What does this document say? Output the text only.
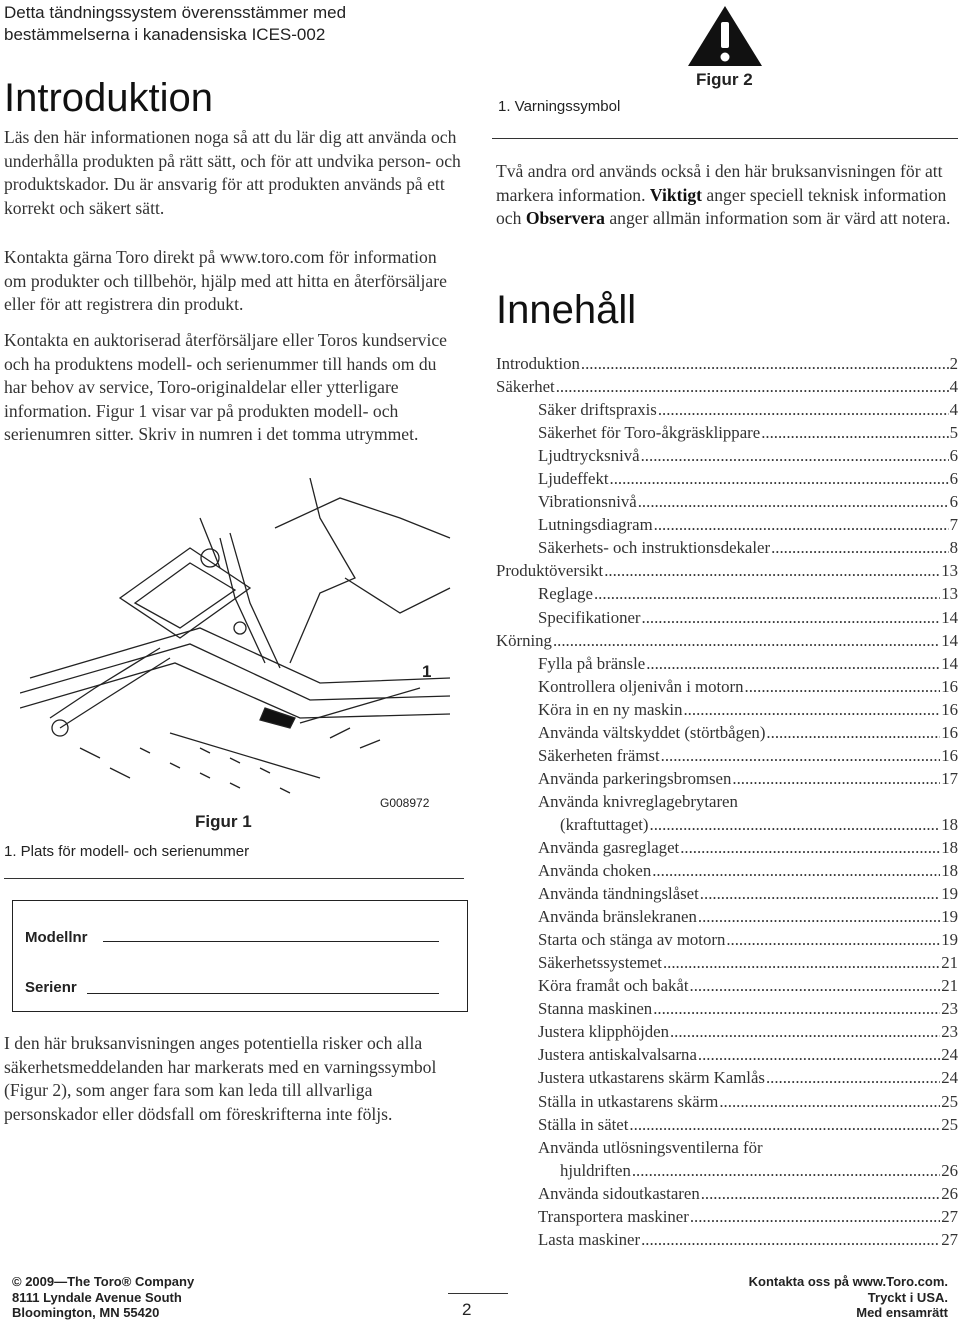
Detta tändningssystem överensstämmer med bestämmelserna i kanadensiska ICES-002
Introduktion
Läs den här informationen noga så att du lär dig att använda och underhålla produkten på rätt sätt, och för att undvika person- och produktskador. Du är ansvarig för att produkten används på ett korrekt och säkert sätt.
Kontakta gärna Toro direkt på www.toro.com för information om produkter och tillbehör, hjälp med att hitta en återförsäljare eller för att registrera din produkt.
Kontakta en auktoriserad återförsäljare eller Toros kundservice och ha produktens modell- och serienummer till hands om du har behov av service, Toro-originaldelar eller ytterligare information. Figur 1 visar var på produkten modell- och serienumren sitter. Skriv in numren i det tomma utrymmet.
1
G008972
Figur 1
1. Plats för modell- och serienummer
Modellnr
Serienr
I den här bruksanvisningen anges potentiella risker och alla säkerhetsmeddelanden har markerats med en varningssymbol (Figur 2), som anger fara som kan leda till allvarliga personskador eller dödsfall om föreskrifterna inte följs.
Figur 2
1. Varningssymbol
Två andra ord används också i den här bruksanvisningen för att markera information. Viktigt anger speciell teknisk information och Observera anger allmän information som är värd att notera.
Innehåll
Introduktion .....	2
Säkerhet .....	4
Säker driftspraxis .....	4
Säkerhet för Toro-åkgräsklippare .....	5
Ljudtrycksnivå .....	6
Ljudeffekt .....	6
Vibrationsnivå .....	6
Lutningsdiagram .....	7
Säkerhets- och instruktionsdekaler .....	8
Produktöversikt .....	13
Reglage .....	13
Specifikationer .....	14
Körning .....	14
Fylla på bränsle .....	14
Kontrollera oljenivån i motorn .....	16
Köra in en ny maskin .....	16
Använda vältskyddet (störtbågen) .....	16
Säkerheten främst .....	16
Använda parkeringsbromsen .....	17
Använda knivreglagebrytaren
(kraftuttaget) .....	18
Använda gasreglaget .....	18
Använda choken .....	18
Använda tändningslåset .....	19
Använda bränslekranen .....	19
Starta och stänga av motorn .....	19
Säkerhetssystemet .....	21
Köra framåt och bakåt .....	21
Stanna maskinen .....	23
Justera klipphöjden .....	23
Justera antiskalvalsarna .....	24
Justera utkastarens skärm Kamlås .....	24
Ställa in utkastarens skärm .....	25
Ställa in sätet .....	25
Använda utlösningsventilerna för
hjuldriften .....	26
Använda sidoutkastaren .....	26
Transportera maskiner .....	27
Lasta maskiner .....	27
© 2009—The Toro® Company
8111 Lyndale Avenue South
Bloomington, MN 55420	2
Kontakta oss på www.Toro.com.
Tryckt i USA.
Med ensamrätt
